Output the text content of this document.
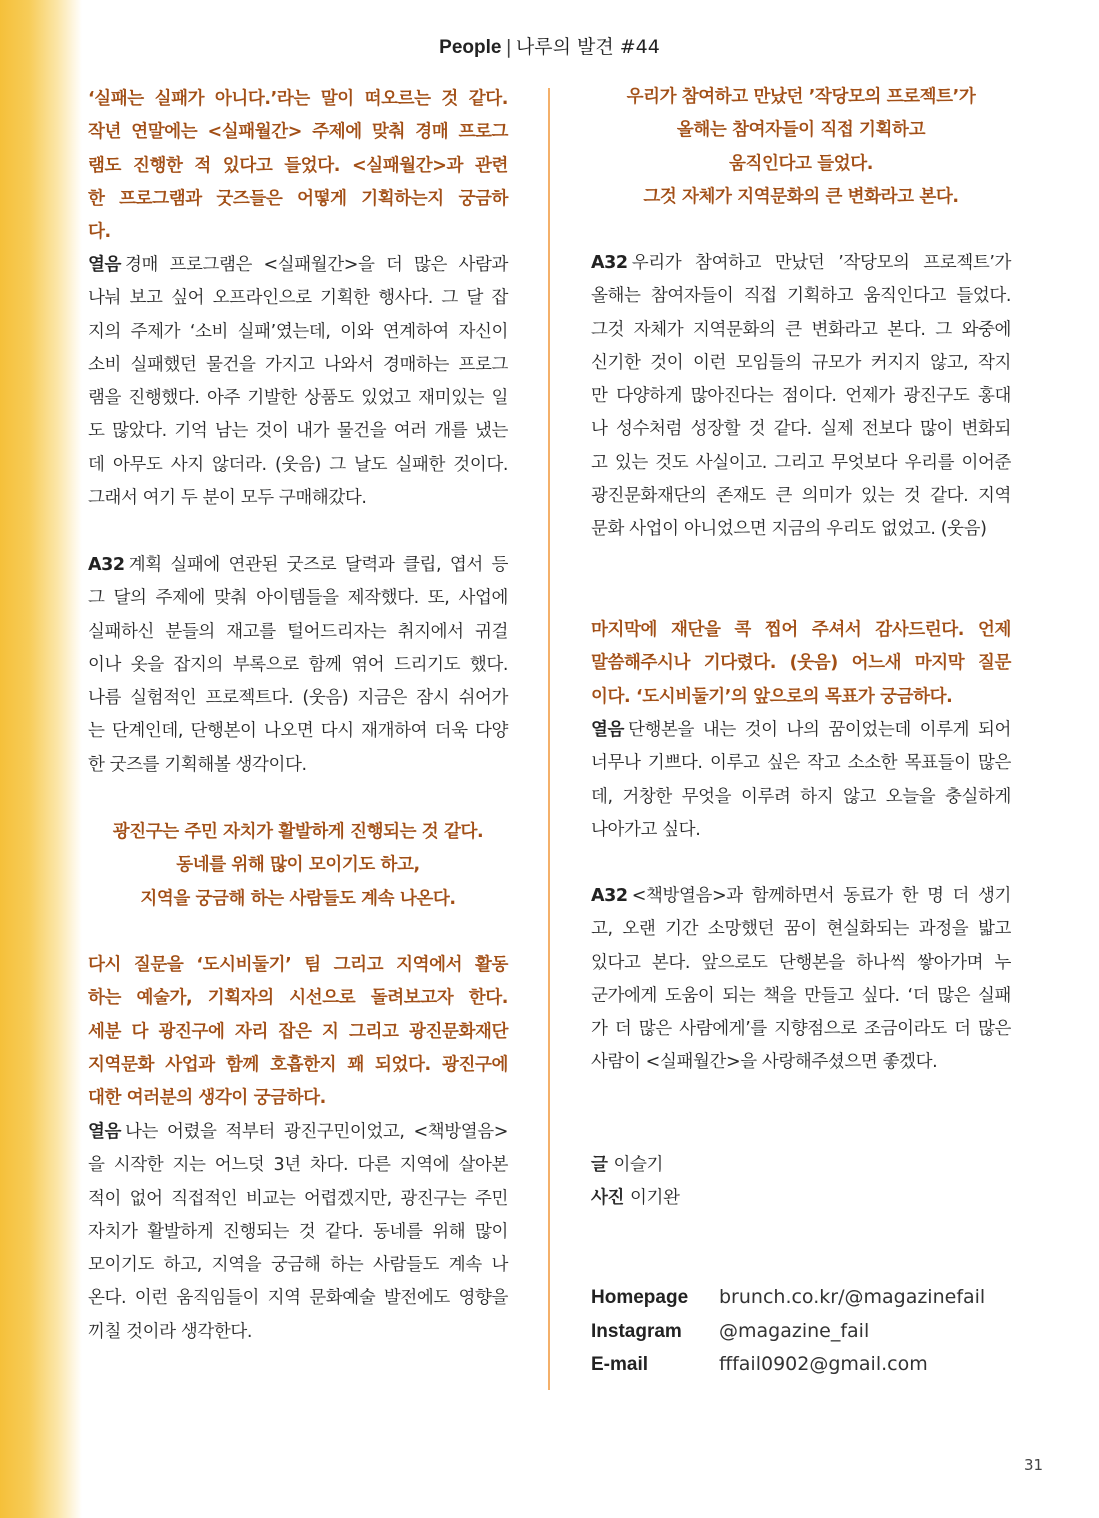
People | 나루의 발견 #44
‘실패는 실패가 아니다.’라는 말이 떠오르는 것 같다.
작년 연말에는 <실패월간> 주제에 맞춰 경매 프로그
램도 진행한 적 있다고 들었다. <실패월간>과 관련
한 프로그램과 굿즈들은 어떻게 기획하는지 궁금하
다.
열음 경매 프로그램은 <실패월간>을 더 많은 사람과
나눠 보고 싶어 오프라인으로 기획한 행사다. 그 달 잡
지의 주제가 ‘소비 실패’였는데, 이와 연계하여 자신이
소비 실패했던 물건을 가지고 나와서 경매하는 프로그
램을 진행했다. 아주 기발한 상품도 있었고 재미있는 일
도 많았다. 기억 남는 것이 내가 물건을 여러 개를 냈는
데 아무도 사지 않더라. (웃음) 그 날도 실패한 것이다.
그래서 여기 두 분이 모두 구매해갔다.
A32 계획 실패에 연관된 굿즈로 달력과 클립, 엽서 등
그 달의 주제에 맞춰 아이템들을 제작했다. 또, 사업에
실패하신 분들의 재고를 털어드리자는 취지에서 귀걸
이나 옷을 잡지의 부록으로 함께 엮어 드리기도 했다.
나름 실험적인 프로젝트다. (웃음) 지금은 잠시 쉬어가
는 단계인데, 단행본이 나오면 다시 재개하여 더욱 다양
한 굿즈를 기획해볼 생각이다.
광진구는 주민 자치가 활발하게 진행되는 것 같다.
동네를 위해 많이 모이기도 하고,
지역을 궁금해 하는 사람들도 계속 나온다.
다시 질문을 ‘도시비둘기’ 팀 그리고 지역에서 활동
하는 예술가, 기획자의 시선으로 돌려보고자 한다.
세분 다 광진구에 자리 잡은 지 그리고 광진문화재단
지역문화 사업과 함께 호흡한지 꽤 되었다. 광진구에
대한 여러분의 생각이 궁금하다.
열음 나는 어렸을 적부터 광진구민이었고, <책방열음>
을 시작한 지는 어느덧 3년 차다. 다른 지역에 살아본
적이 없어 직접적인 비교는 어렵겠지만, 광진구는 주민
자치가 활발하게 진행되는 것 같다. 동네를 위해 많이
모이기도 하고, 지역을 궁금해 하는 사람들도 계속 나
온다. 이런 움직임들이 지역 문화예술 발전에도 영향을
끼칠 것이라 생각한다.
우리가 참여하고 만났던 ’작당모의 프로젝트’가
올해는 참여자들이 직접 기획하고
움직인다고 들었다.
그것 자체가 지역문화의 큰 변화라고 본다.
A32 우리가 참여하고 만났던 ’작당모의 프로젝트’가
올해는 참여자들이 직접 기획하고 움직인다고 들었다.
그것 자체가 지역문화의 큰 변화라고 본다. 그 와중에
신기한 것이 이런 모임들의 규모가 커지지 않고, 작지
만 다양하게 많아진다는 점이다. 언제가 광진구도 홍대
나 성수처럼 성장할 것 같다. 실제 전보다 많이 변화되
고 있는 것도 사실이고. 그리고 무엇보다 우리를 이어준
광진문화재단의 존재도 큰 의미가 있는 것 같다. 지역
문화 사업이 아니었으면 지금의 우리도 없었고. (웃음)
마지막에 재단을 콕 찝어 주셔서 감사드린다. 언제
말씀해주시나 기다렸다. (웃음) 어느새 마지막 질문
이다. ‘도시비둘기’의 앞으로의 목표가 궁금하다.
열음 단행본을 내는 것이 나의 꿈이었는데 이루게 되어
너무나 기쁘다. 이루고 싶은 작고 소소한 목표들이 많은
데, 거창한 무엇을 이루려 하지 않고 오늘을 충실하게
나아가고 싶다.
A32 <책방열음>과 함께하면서 동료가 한 명 더 생기
고, 오랜 기간 소망했던 꿈이 현실화되는 과정을 밟고
있다고 본다. 앞으로도 단행본을 하나씩 쌓아가며 누
군가에게 도움이 되는 책을 만들고 싶다. ‘더 많은 실패
가 더 많은 사람에게’를 지향점으로 조금이라도 더 많은
사람이 <실패월간>을 사랑해주셨으면 좋겠다.
글 이슬기
사진 이기완
Homepage brunch.co.kr/@magazinefail
Instagram @magazine_fail
E-mail	fffail0902@gmail.com
31
